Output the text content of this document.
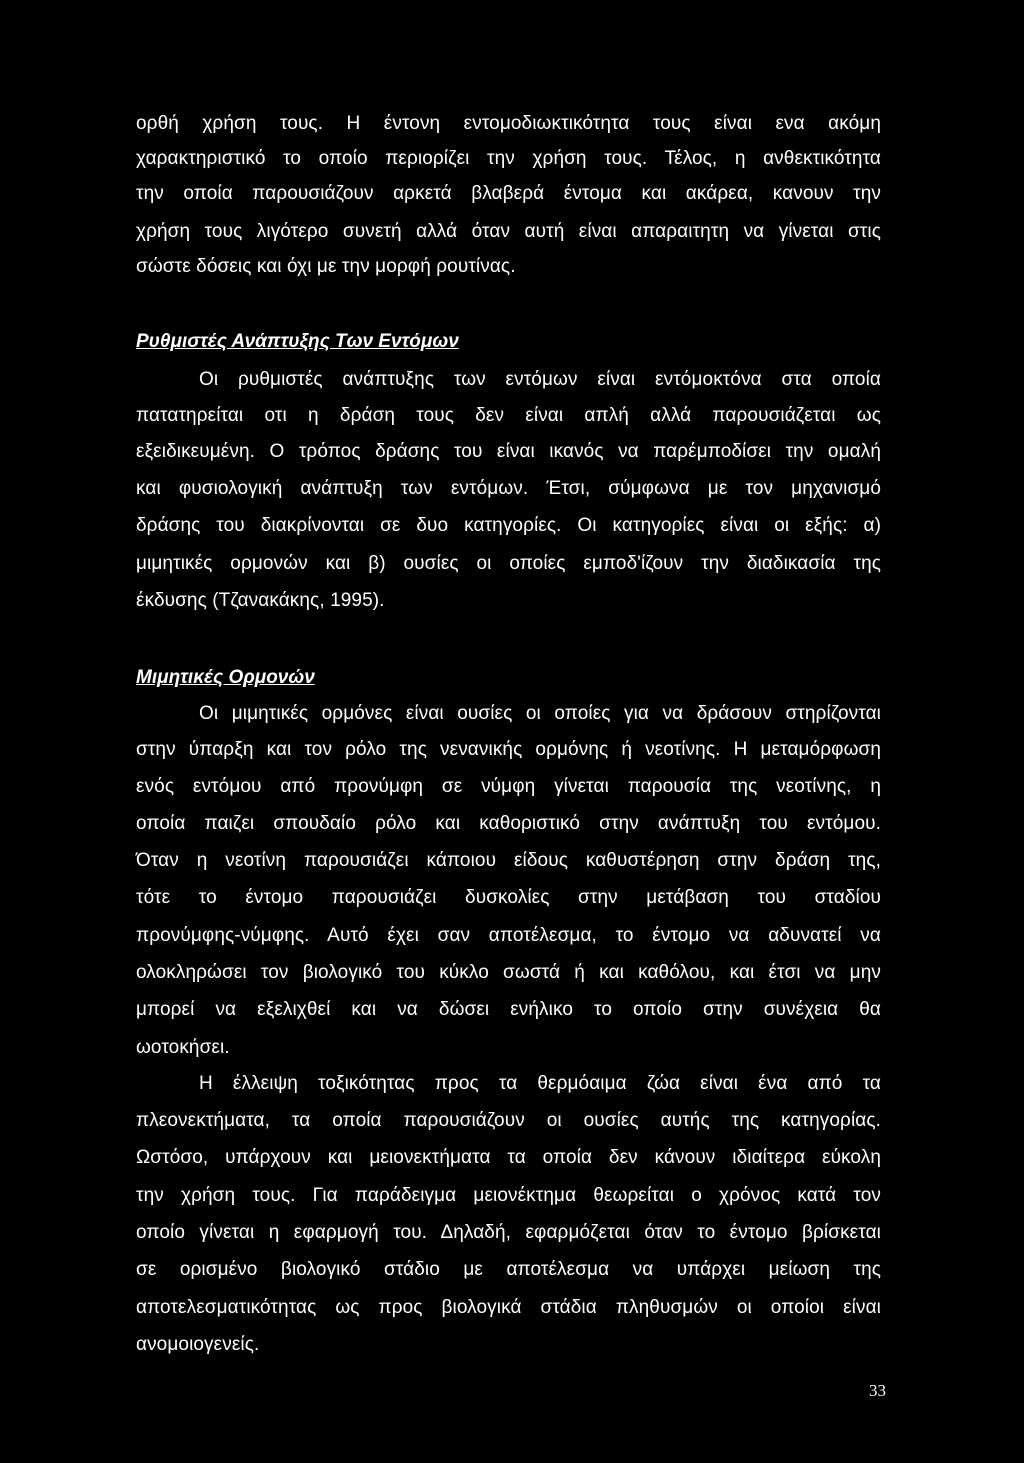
ορθή χρήση τους. Η έντονη εντομοδιωκτικότητα τους είναι ενα ακόμη
χαρακτηριστικό το οποίο περιορίζει την χρήση τους. Τέλος, η ανθεκτικότητα
την οποία παρουσιάζουν αρκετά βλαβερά έντομα και ακάρεα, κανουν την
χρήση τους λιγότερο συνετή αλλά όταν αυτή είναι απαραιτητη να γίνεται στις
σώστε δόσεις και όχι με την μορφή ρουτίνας.
Ρυθμιστές Ανάπτυξης Των Εντόμων
Οι ρυθμιστές ανάπτυξης των εντόμων είναι εντόμοκτόνα στα οποία
πατατηρείται οτι η δράση τους δεν είναι απλή αλλά παρουσιάζεται ως
εξειδικευμένη. Ο τρόπος δράσης του είναι ικανός να παρέμποδίσει την ομαλή
και φυσιολογική ανάπτυξη των εντόμων. Έτσι, σύμφωνα με τον μηχανισμό
δράσης του διακρίνονται σε δυο κατηγορίες. Οι κατηγορίες είναι οι εξής: α)
μιμητικές ορμονών και β) ουσίες οι οποίες εμποδ'ίζουν την διαδικασία της
έκδυσης (Τζανακάκης, 1995).
Μιμητικές Ορμονών
Οι μιμητικές ορμόνες είναι ουσίες οι οποίες για να δράσουν στηρίζονται
στην ύπαρξη και τον ρόλο της νενανικής ορμόνης ή νεοτίνης. Η μεταμόρφωση
ενός εντόμου από προνύμφη σε νύμφη γίνεται παρουσία της νεοτίνης, η
οποία παιζει σπουδαίο ρόλο και καθοριστικό στην ανάπτυξη του εντόμου.
Όταν η νεοτίνη παρουσιάζει κάποιου είδους καθυστέρηση στην δράση της,
τότε το έντομο παρουσιάζει δυσκολίες στην μετάβαση του σταδίου
προνύμφης-νύμφης. Αυτό έχει σαν αποτέλεσμα, το έντομο να αδυνατεί να
ολοκληρώσει τον βιολογικό του κύκλο σωστά ή και καθόλου, και έτσι να μην
μπορεί να εξελιχθεί και να δώσει ενήλικο το οποίο στην συνέχεια θα
ωοτοκήσει.
Η έλλειψη τοξικότητας προς τα θερμόαιμα ζώα είναι ένα από τα
πλεονεκτήματα, τα οποία παρουσιάζουν οι ουσίες αυτής της κατηγορίας.
Ωστόσο, υπάρχουν και μειονεκτήματα τα οποία δεν κάνουν ιδιαίτερα εύκολη
την χρήση τους. Για παράδειγμα μειονέκτημα θεωρείται ο χρόνος κατά τον
οποίο γίνεται η εφαρμογή του. Δηλαδή, εφαρμόζεται όταν το έντομο βρίσκεται
σε ορισμένο βιολογικό στάδιο με αποτέλεσμα να υπάρχει μείωση της
αποτελεσματικότητας ως προς βιολογικά στάδια πληθυσμών οι οποίοι είναι
ανομοιογενείς.
33
